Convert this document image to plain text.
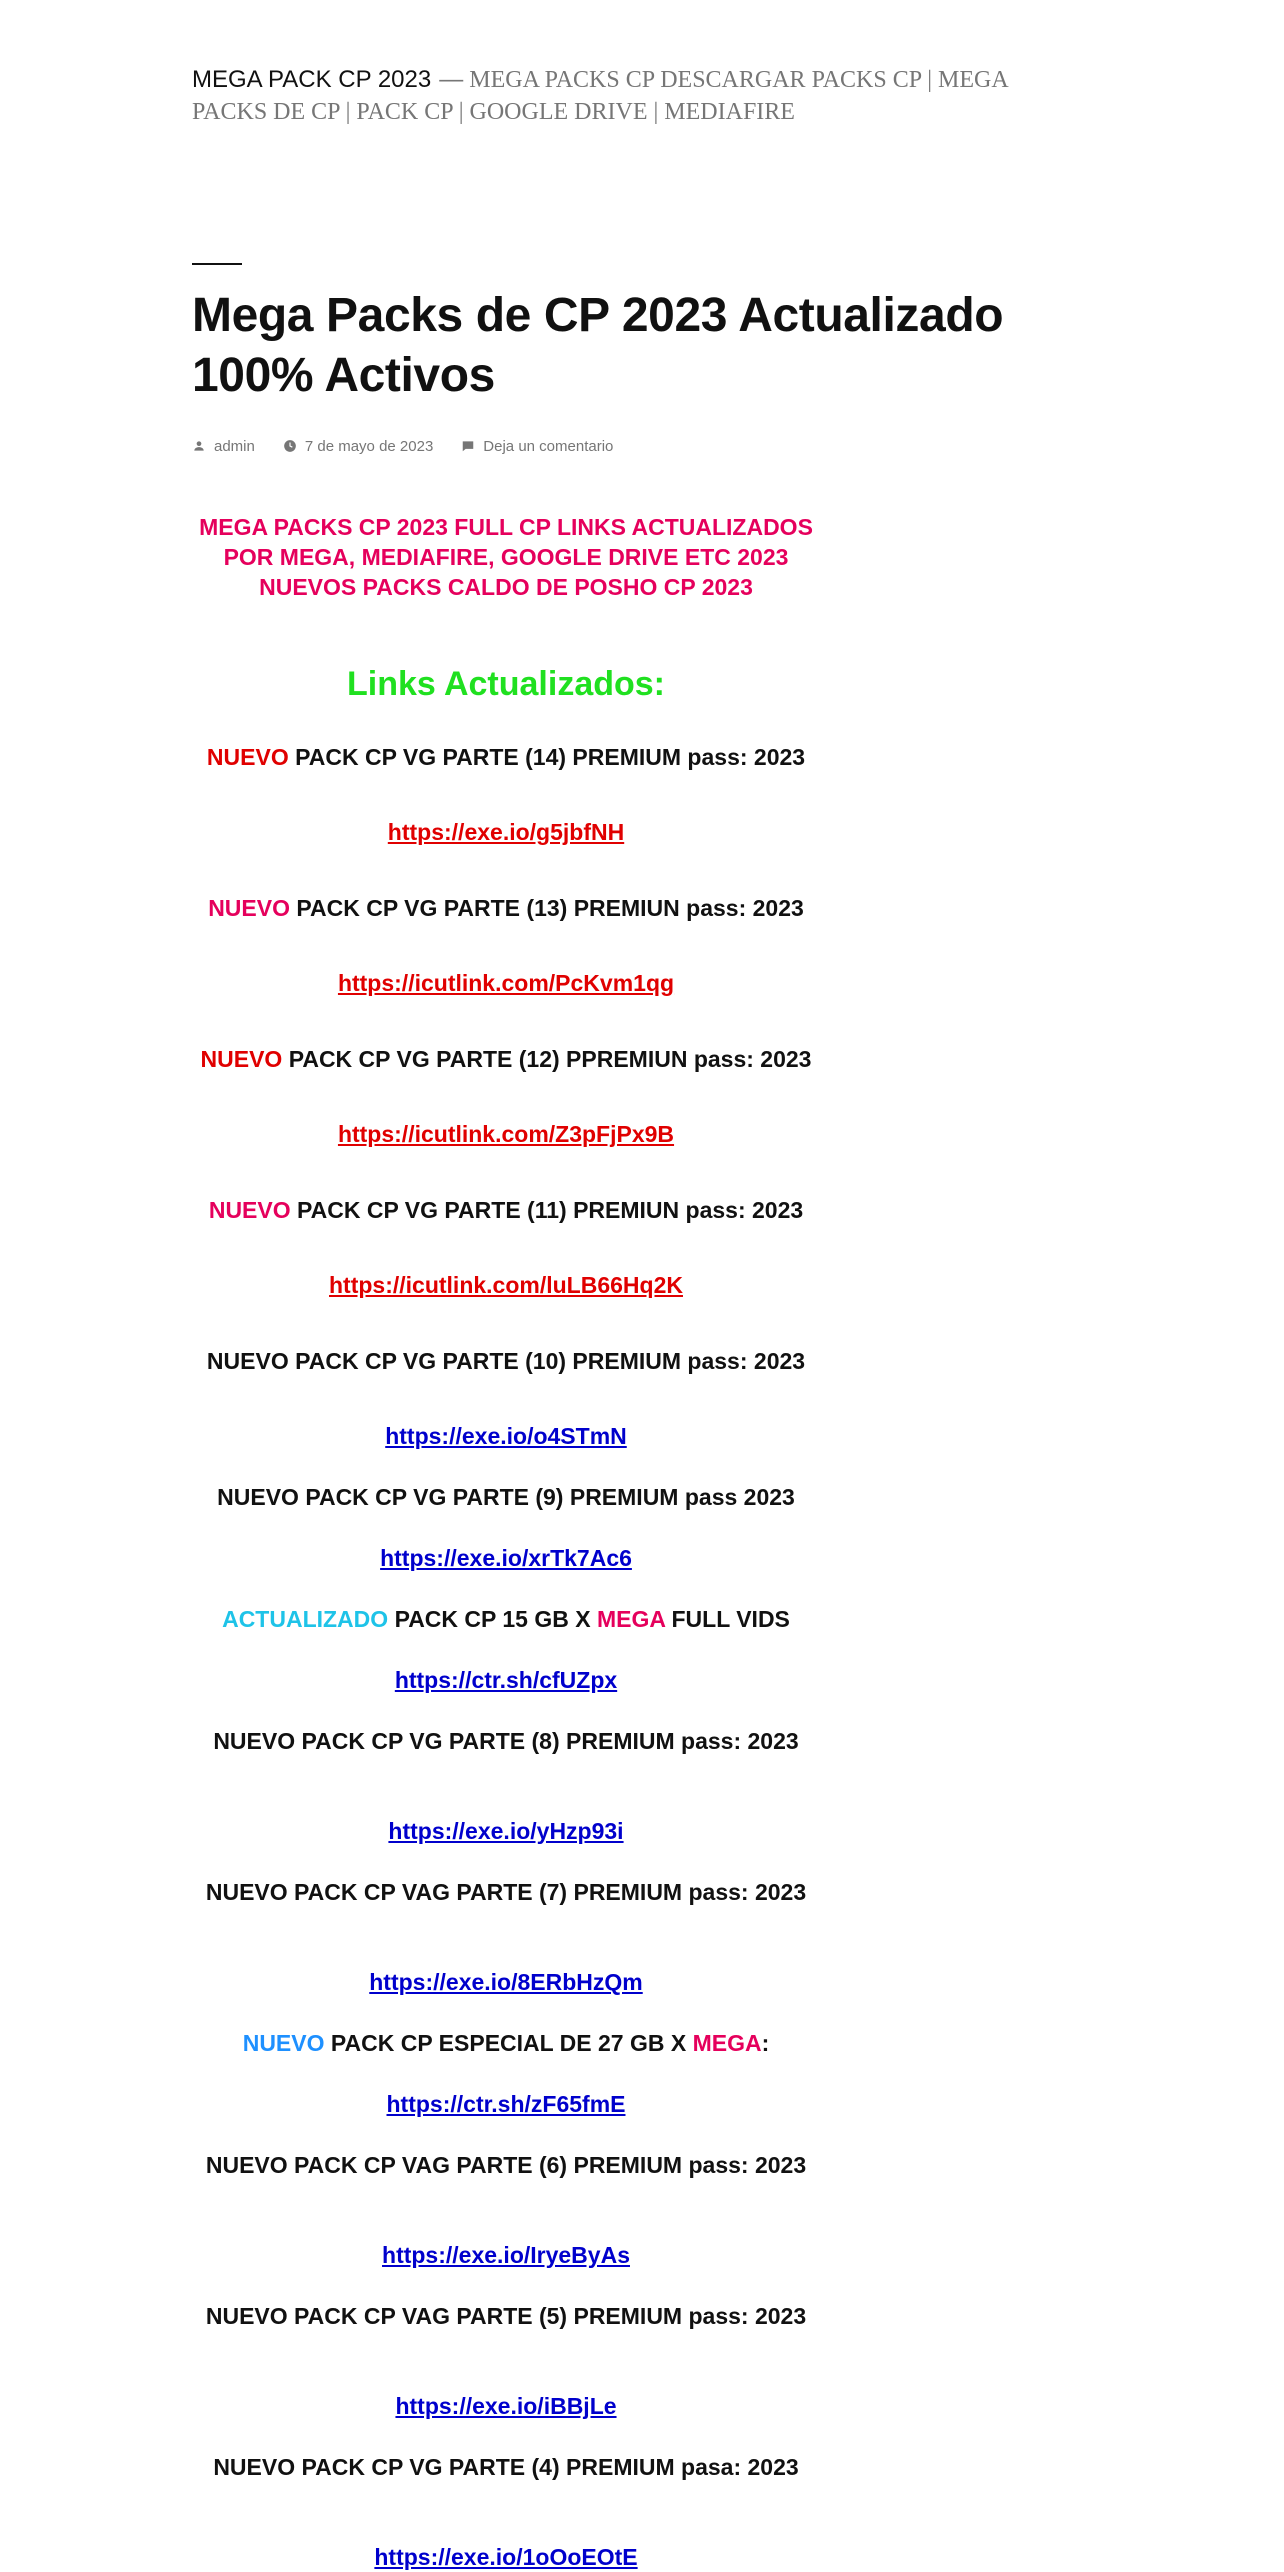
MEGA PACK CP 2023 — MEGA PACKS CP DESCARGAR PACKS CP | MEGA PACKS DE CP | PACK CP | GOOGLE DRIVE | MEDIAFIRE
Mega Packs de CP 2023 Actualizado 100% Activos
admin	7 de mayo de 2023	Deja un comentario
MEGA PACKS CP 2023 FULL CP LINKS ACTUALIZADOS POR MEGA, MEDIAFIRE, GOOGLE DRIVE ETC 2023 NUEVOS PACKS CALDO DE POSHO CP 2023
Links Actualizados:
NUEVO PACK CP VG PARTE (14) PREMIUM pass: 2023
https://exe.io/g5jbfNH
NUEVO PACK CP VG PARTE (13) PREMIUN pass: 2023
https://icutlink.com/PcKvm1qg
NUEVO PACK CP VG PARTE (12) PPREMIUN pass: 2023
https://icutlink.com/Z3pFjPx9B
NUEVO PACK CP VG PARTE (11) PREMIUN pass: 2023
https://icutlink.com/luLB66Hq2K
NUEVO PACK CP VG PARTE (10) PREMIUM pass: 2023
https://exe.io/o4STmN
NUEVO PACK CP VG PARTE (9) PREMIUM pass 2023
https://exe.io/xrTk7Ac6
ACTUALIZADO PACK CP 15 GB X MEGA FULL VIDS
https://ctr.sh/cfUZpx
NUEVO PACK CP VG PARTE (8) PREMIUM pass: 2023
https://exe.io/yHzp93i
NUEVO PACK CP VAG PARTE (7) PREMIUM pass: 2023
https://exe.io/8ERbHzQm
NUEVO PACK CP ESPECIAL DE 27 GB X MEGA:
https://ctr.sh/zF65fmE
NUEVO PACK CP VAG PARTE (6) PREMIUM pass: 2023
https://exe.io/IryeByAs
NUEVO PACK CP VAG PARTE (5) PREMIUM pass: 2023
https://exe.io/iBBjLe
NUEVO PACK CP VG PARTE (4) PREMIUM pasa: 2023
https://exe.io/1oOoEOtE
